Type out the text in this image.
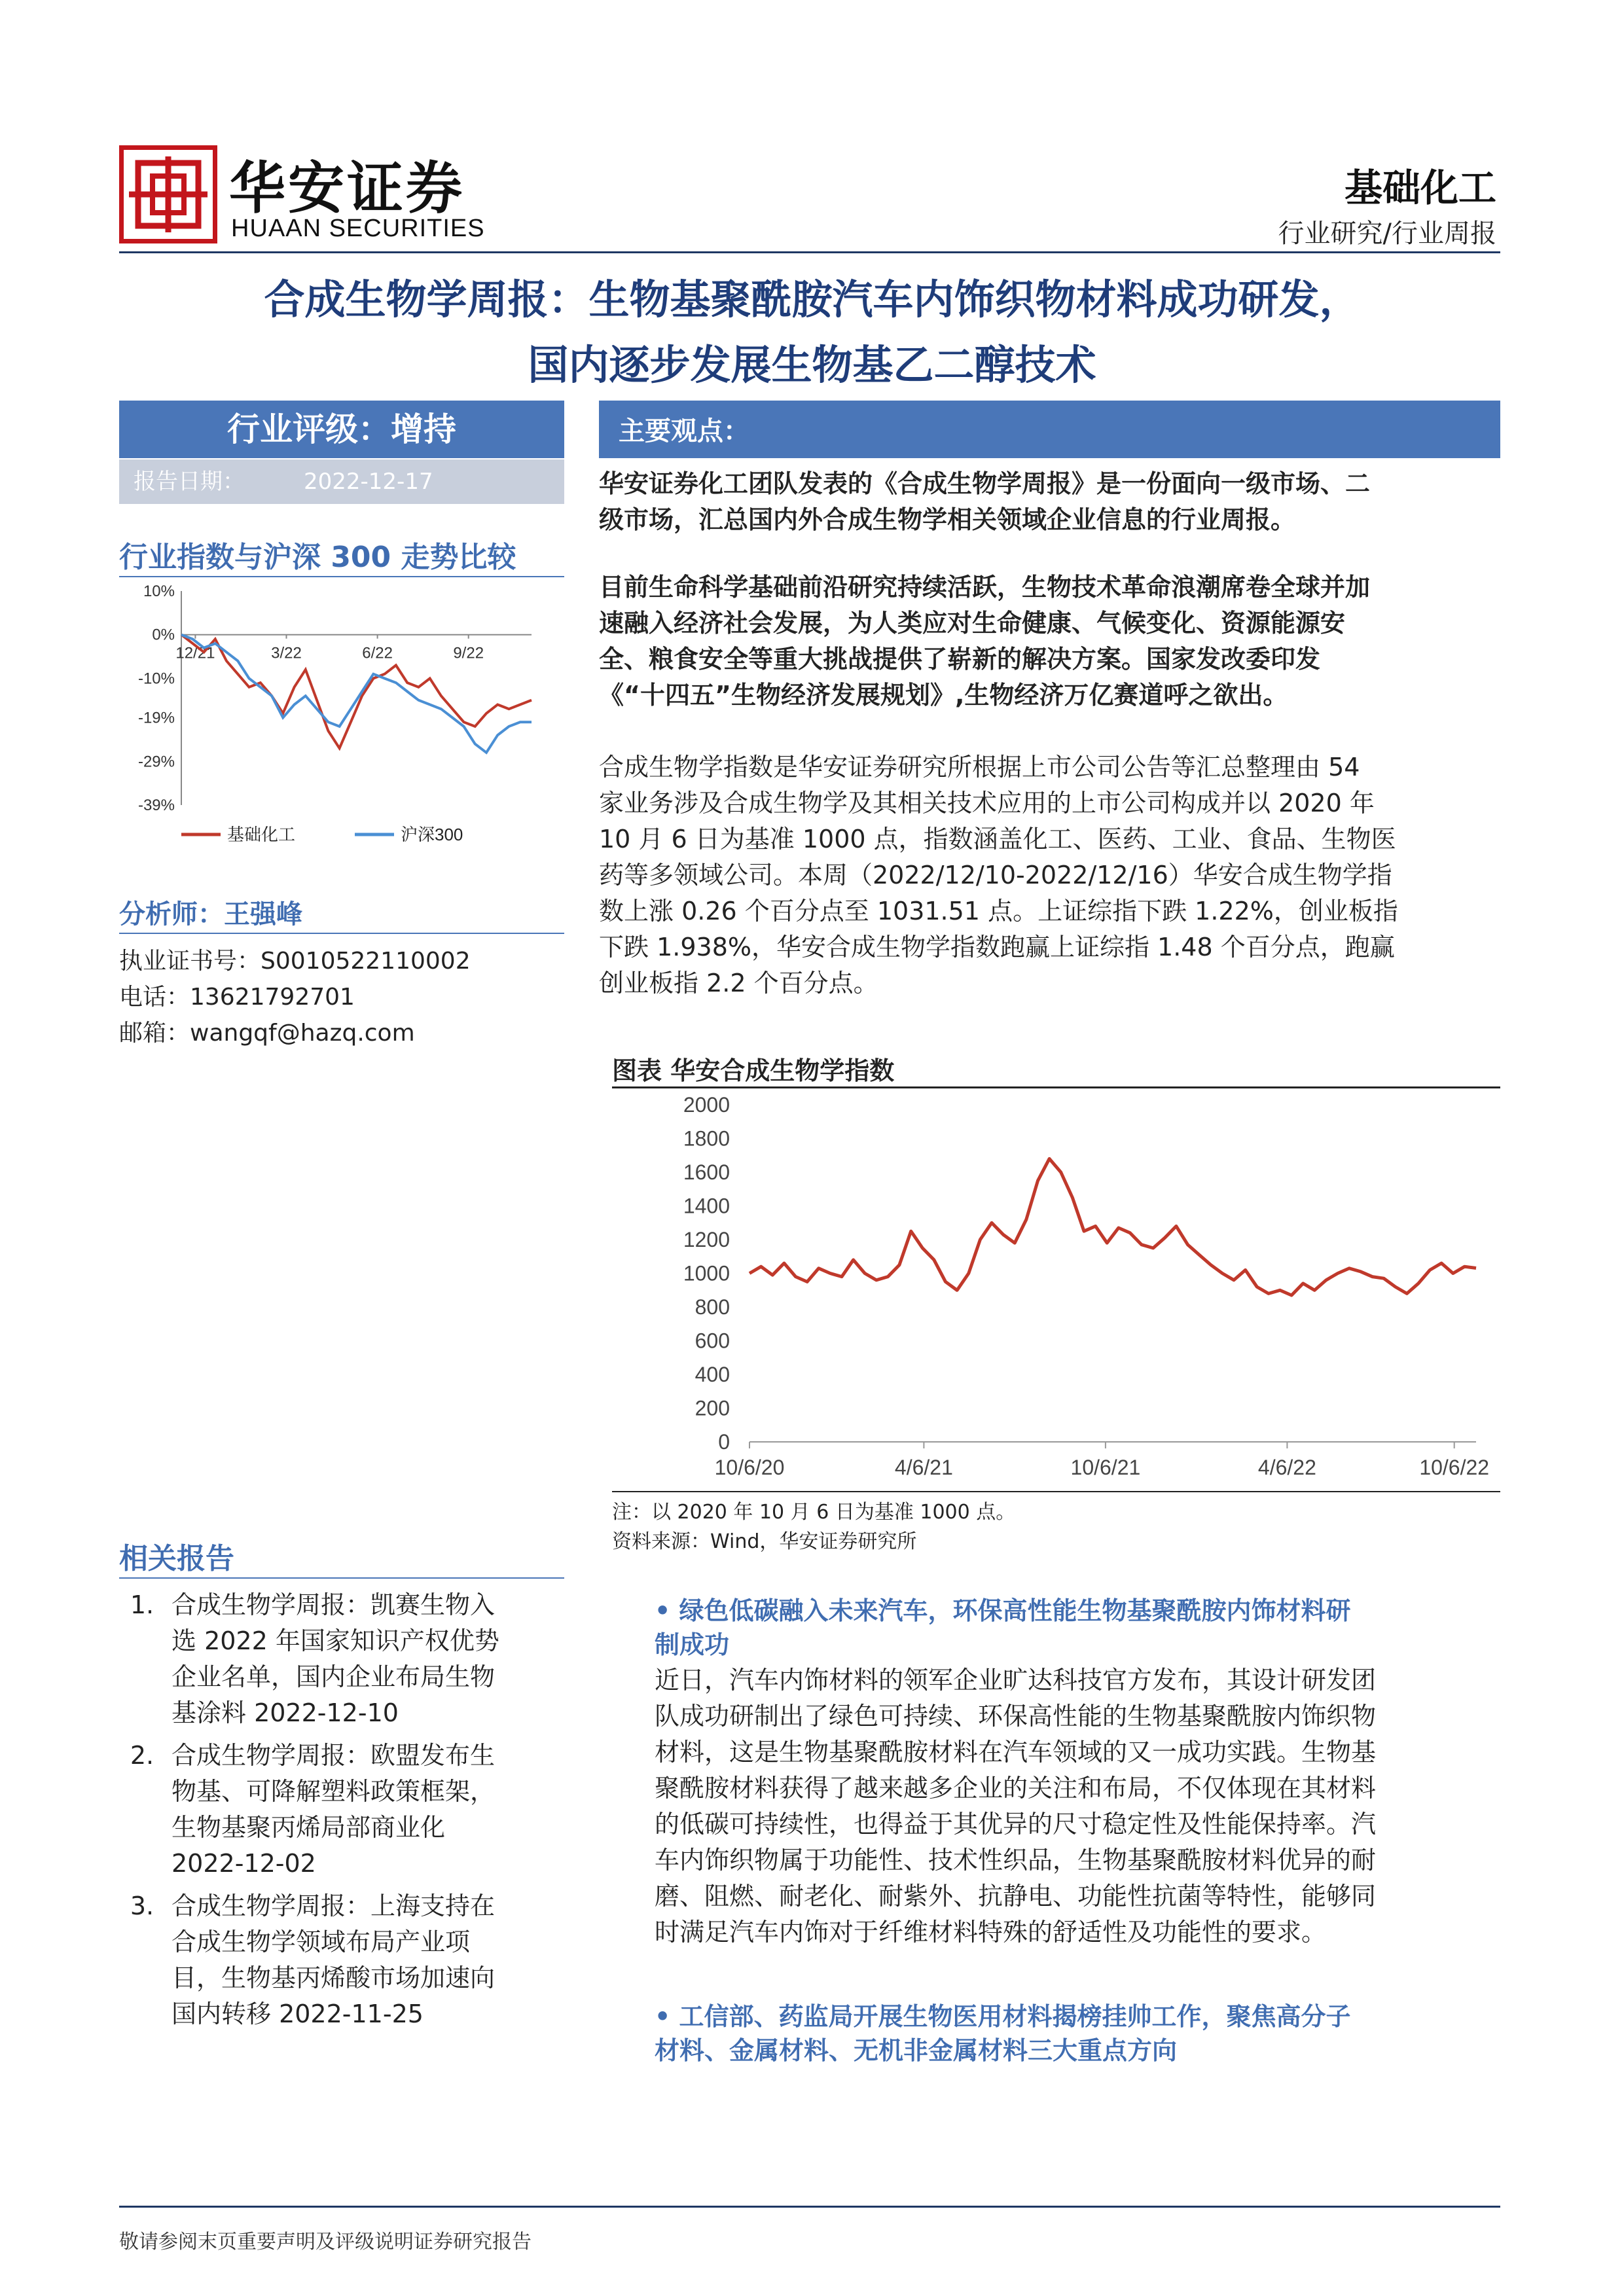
华安证券
HUAAN SECURITIES
基础化工
行业研究/行业周报
合成生物学周报：生物基聚酰胺汽车内饰织物材料成功研发，
国内逐步发展生物基乙二醇技术
行业评级：增持
报告日期：	2022-12-17
主要观点：
行业指数与沪深 300 走势比较
10%
0%
-10%
-19%
-29%
-39%
12/21	3/22	6/22	9/22
基础化工	沪深300
分析师：王强峰
执业证书号：S0010522110002
电话：13621792701
邮箱：wangqf@hazq.com
相关报告
1. 合成生物学周报：凯赛生物入
选 2022 年国家知识产权优势
企业名单，国内企业布局生物
基涂料 2022-12-10
2. 合成生物学周报：欧盟发布生
物基、可降解塑料政策框架，
生物基聚丙烯局部商业化
2022-12-02
3. 合成生物学周报：上海支持在
合成生物学领域布局产业项
目，生物基丙烯酸市场加速向
国内转移 2022-11-25
华安证券化工团队发表的《合成生物学周报》是一份面向一级市场、二
级市场，汇总国内外合成生物学相关领域企业信息的行业周报。
目前生命科学基础前沿研究持续活跃，生物技术革命浪潮席卷全球并加
速融入经济社会发展，为人类应对生命健康、气候变化、资源能源安
全、粮食安全等重大挑战提供了崭新的解决方案。国家发改委印发
《“十四五”生物经济发展规划》,生物经济万亿赛道呼之欲出。
合成生物学指数是华安证券研究所根据上市公司公告等汇总整理由 54
家业务涉及合成生物学及其相关技术应用的上市公司构成并以 2020 年
10 月 6 日为基准 1000 点，指数涵盖化工、医药、工业、食品、生物医
药等多领域公司。本周（2022/12/10-2022/12/16）华安合成生物学指
数上涨 0.26 个百分点至 1031.51 点。上证综指下跌 1.22%，创业板指
下跌 1.938%，华安合成生物学指数跑赢上证综指 1.48 个百分点，跑赢
创业板指 2.2 个百分点。
图表 华安合成生物学指数
2000
1800
1600
1400
1200
1000
800
600
400
200
0
10/6/20	4/6/21	10/6/21	4/6/22	10/6/22
注：以 2020 年 10 月 6 日为基准 1000 点。
资料来源：Wind，华安证券研究所
• 绿色低碳融入未来汽车，环保高性能生物基聚酰胺内饰材料研
制成功
近日，汽车内饰材料的领军企业旷达科技官方发布，其设计研发团
队成功研制出了绿色可持续、环保高性能的生物基聚酰胺内饰织物
材料，这是生物基聚酰胺材料在汽车领域的又一成功实践。生物基
聚酰胺材料获得了越来越多企业的关注和布局，不仅体现在其材料
的低碳可持续性，也得益于其优异的尺寸稳定性及性能保持率。汽
车内饰织物属于功能性、技术性织品，生物基聚酰胺材料优异的耐
磨、阻燃、耐老化、耐紫外、抗静电、功能性抗菌等特性，能够同
时满足汽车内饰对于纤维材料特殊的舒适性及功能性的要求。
• 工信部、药监局开展生物医用材料揭榜挂帅工作，聚焦高分子
材料、金属材料、无机非金属材料三大重点方向
敬请参阅末页重要声明及评级说明证券研究报告
